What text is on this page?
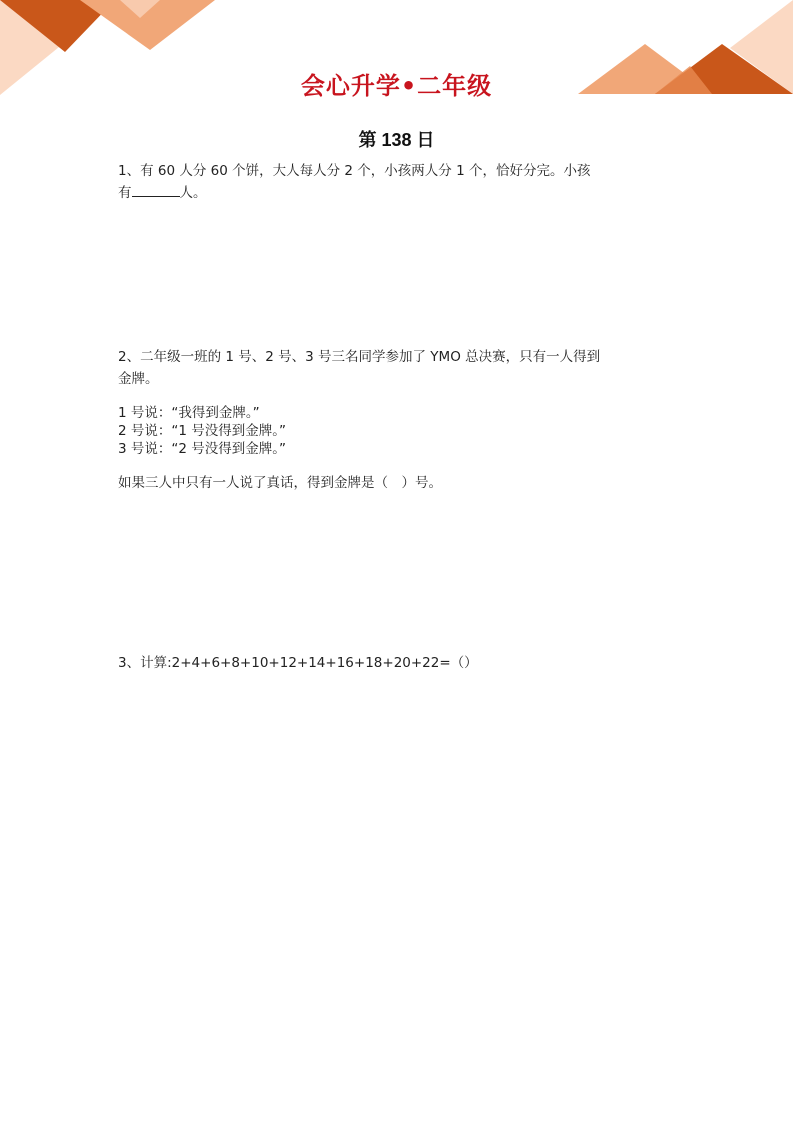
会心升学•二年级
第 138 日

1、有 60 人分 60 个饼，大人每人分 2 个，小孩两人分 1 个，恰好分完。小孩

有	人。

2、二年级一班的 1 号、2 号、3 号三名同学参加了 YMO 总决赛，只有一人得到

金牌。

1 号说：“我得到金牌。”

2 号说：“1 号没得到金牌。”

3 号说：“2 号没得到金牌。”

如果三人中只有一人说了真话，得到金牌是（　）号。

3、计算:2+4+6+8+10+12+14+16+18+20+22=（）
